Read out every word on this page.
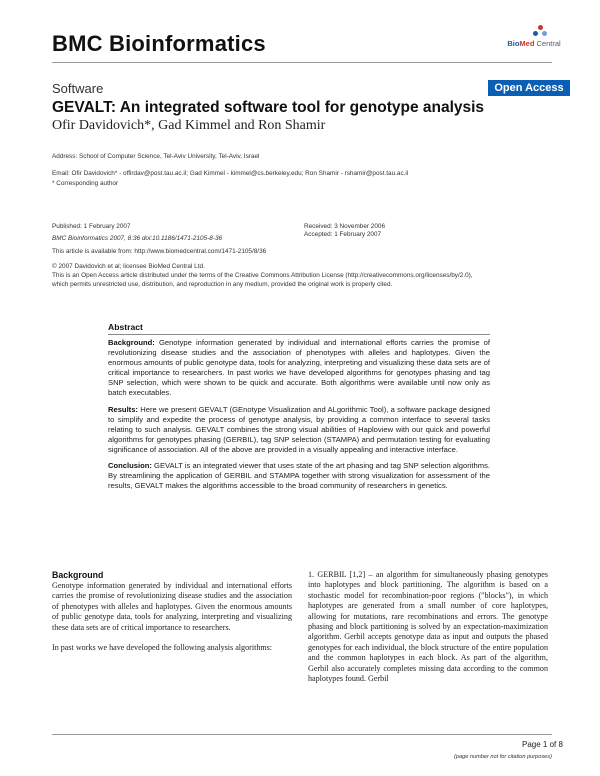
BMC Bioinformatics	BioMed Central
Software	Open Access
GEVALT: An integrated software tool for genotype analysis
Ofir Davidovich*, Gad Kimmel and Ron Shamir
Address: School of Computer Science, Tel-Aviv University, Tel-Aviv, Israel
Email: Ofir Davidovich* - offirdav@post.tau.ac.il; Gad Kimmel - kimmel@cs.berkeley.edu; Ron Shamir - rshamir@post.tau.ac.il
* Corresponding author
Published: 1 February 2007
BMC Bioinformatics 2007, 8:36 doi:10.1186/1471-2105-8-36
Received: 3 November 2006
Accepted: 1 February 2007
This article is available from: http://www.biomedcentral.com/1471-2105/8/36
© 2007 Davidovich et al; licensee BioMed Central Ltd.
This is an Open Access article distributed under the terms of the Creative Commons Attribution License (http://creativecommons.org/licenses/by/2.0),
which permits unrestricted use, distribution, and reproduction in any medium, provided the original work is properly cited.
Abstract

Background: Genotype information generated by individual and international efforts carries the promise of revolutionizing disease studies and the association of phenotypes with alleles and haplotypes. Given the enormous amounts of public genotype data, tools for analyzing, interpreting and visualizing these data sets are of critical importance to researchers. In past works we have developed algorithms for genotypes phasing and tag SNP selection, which were shown to be quick and accurate. Both algorithms were available until now only as batch executables.

Results: Here we present GEVALT (GEnotype Visualization and ALgorithmic Tool), a software package designed to simplify and expedite the process of genotype analysis, by providing a common interface to several tasks relating to such analysis. GEVALT combines the strong visual abilities of Haploview with our quick and powerful algorithms for genotypes phasing (GERBIL), tag SNP selection (STAMPA) and permutation testing for evaluating significance of association. All of the above are provided in a visually appealing and interactive interface.

Conclusion: GEVALT is an integrated viewer that uses state of the art phasing and tag SNP selection algorithms. By streamlining the application of GERBIL and STAMPA together with strong visualization for assessment of the results, GEVALT makes the algorithms accessible to the broad community of researchers in genetics.

Background

Genotype information generated by individual and international efforts carries the promise of revolutionizing disease studies and the association of phenotypes with alleles and haplotypes. Given the enormous amounts of public genotype data, tools for analyzing, interpreting and visualizing these data sets are of critical importance to researchers.

In past works we have developed the following analysis algorithms:

1. GERBIL [1,2] – an algorithm for simultaneously phasing genotypes into haplotypes and block partitioning. The algorithm is based on a stochastic model for recombination-poor regions ("blocks"), in which haplotypes are generated from a small number of core haplotypes, allowing for mutations, rare recombinations and errors. The genotype phasing and block partitioning is solved by an expectation-maximization algorithm. Gerbil accepts genotype data as input and outputs the phased genotypes for each individual, the block structure of the entire population and the common haplotypes in each block. As part of the algorithm, Gerbil also accurately completes missing data according to the common haplotypes found. Gerbil

Page 1 of 8
(page number not for citation purposes)
